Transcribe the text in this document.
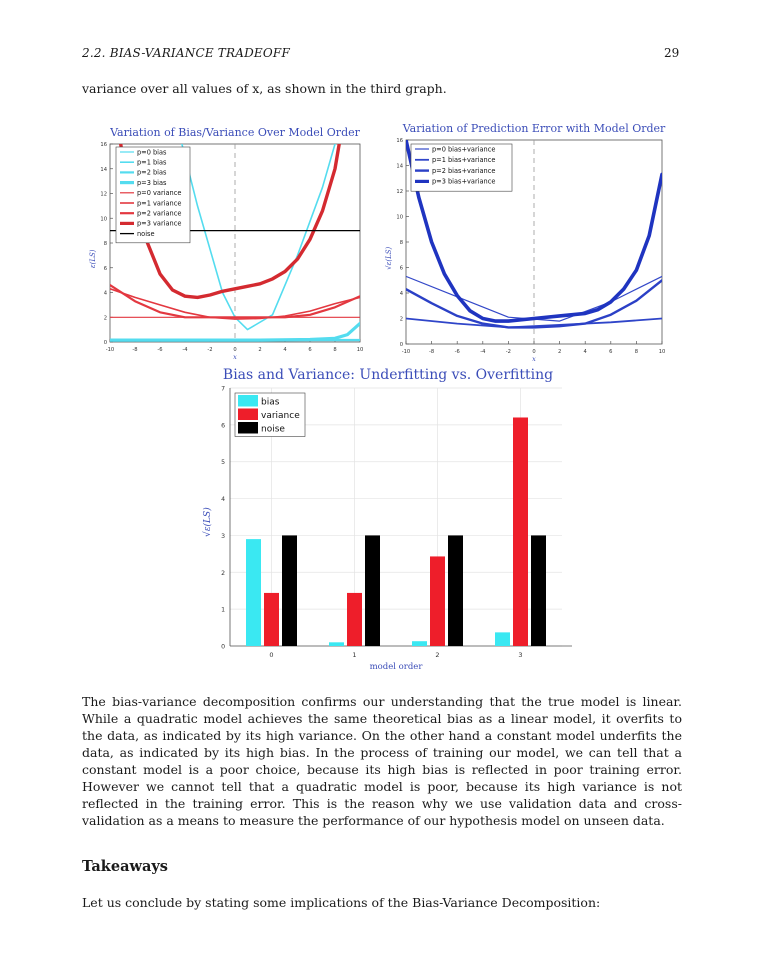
2.2. BIAS-VARIANCE TRADEOFF	29
variance over all values of x, as shown in the third graph.
-10	-8	-6	-4	-2	0	2	4	6	8	10
0
2
4
6
8
10
12
14
16
x
ε(LS)
Variation of Bias/Variance Over Model Order
p=0 bias
p=1 bias
p=2 bias
p=3 bias
p=0 variance
p=1 variance
p=2 variance
p=3 variance
noise
-10	-8	-6	-4	-2	0	2	4	6	8	10
0
2
4
6
8
10
12
14
16
x
√ε(LS)
Variation of Prediction Error with Model Order
p=0 bias+variance
p=1 bias+variance
p=2 bias+variance
p=3 bias+variance
0
1
2
3
4
5
6
7
0	1	2	3
model order
√ε(LS)
Bias and Variance: Underfitting vs. Overfitting
bias
variance
noise
The bias-variance decomposition confirms our understanding that the true model is linear. While a quadratic model achieves the same theoretical bias as a linear model, it overfits to the data, as indicated by its high variance. On the other hand a constant model underfits the data, as indicated by its high bias. In the process of training our model, we can tell that a constant model is a poor choice, because its high bias is reflected in poor training error. However we cannot tell that a quadratic model is poor, because its high variance is not reflected in the training error. This is the reason why we use validation data and cross-validation as a means to measure the performance of our hypothesis model on unseen data.
Takeaways
Let us conclude by stating some implications of the Bias-Variance Decomposition:
